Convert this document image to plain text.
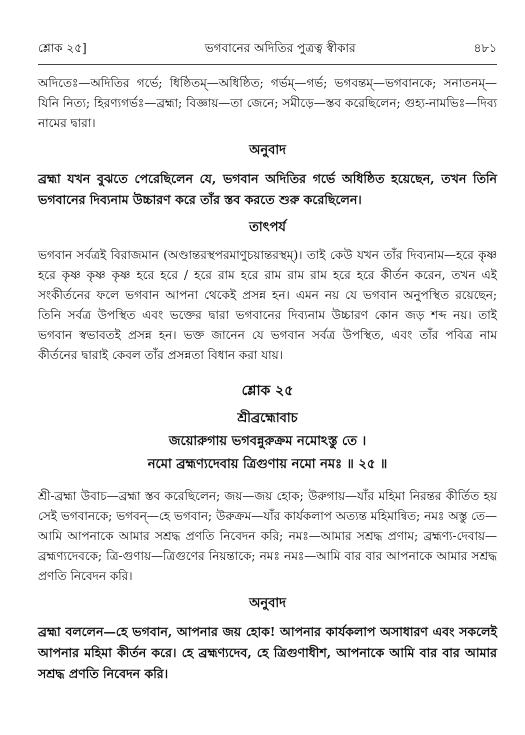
শ্লোক ২৫]	ভগবানের অদিতির পুত্রত্ব স্বীকার	৪৮১

অদিতেঃ—অদিতির গর্ভে; ধিষ্ঠিতম্—অধিষ্ঠিত; গর্ভম্—গর্ভ; ভগবন্তম্—ভগবানকে; সনাতনম্—যিনি নিত্য; হিরণ্যগর্ভঃ—ব্রহ্মা; বিজ্ঞায়—তা জেনে; সমীড়ে—স্তব করেছিলেন; গুহ্য-নামভিঃ—দিব্য নামের দ্বারা।

অনুবাদ

ব্রহ্মা যখন বুঝতে পেরেছিলেন যে, ভগবান অদিতির গর্ভে অধিষ্ঠিত হয়েছেন, তখন তিনি ভগবানের দিব্যনাম উচ্চারণ করে তাঁর স্তব করতে শুরু করেছিলেন।

তাৎপর্য

ভগবান সর্বত্রই বিরাজমান (অণ্ডান্তরস্থপরমাণুচয়ান্তরস্থম্)। তাই কেউ যখন তাঁর দিব্যনাম—হরে কৃষ্ণ হরে কৃষ্ণ কৃষ্ণ কৃষ্ণ হরে হরে / হরে রাম হরে রাম রাম রাম হরে হরে কীর্তন করেন, তখন এই সংকীর্তনের ফলে ভগবান আপনা থেকেই প্রসন্ন হন। এমন নয় যে ভগবান অনুপস্থিত রয়েছেন; তিনি সর্বত্র উপস্থিত এবং ভক্তের দ্বারা ভগবানের দিব্যনাম উচ্চারণ কোন জড় শব্দ নয়। তাই ভগবান স্বভাবতই প্রসন্ন হন। ভক্ত জানেন যে ভগবান সর্বত্র উপস্থিত, এবং তাঁর পবিত্র নাম কীর্তনের দ্বারাই কেবল তাঁর প্রসন্নতা বিধান করা যায়।

শ্লোক ২৫
শ্রীব্রহ্মোবাচ
জয়োরুগায় ভগবন্নুরুক্রম নমোঽস্তু তে ।
নমো ব্রহ্মণ্যদেবায় ত্রিগুণায় নমো নমঃ ॥ ২৫ ॥

শ্রী-ব্রহ্মা উবাচ—ব্রহ্মা স্তব করেছিলেন; জয়—জয় হোক; উরুগায়—যাঁর মহিমা নিরন্তর কীর্তিত হয় সেই ভগবানকে; ভগবন্—হে ভগবান; উরুক্রম—যাঁর কার্যকলাপ অত্যন্ত মহিমান্বিত; নমঃ অস্তু তে—আমি আপনাকে আমার সশ্রদ্ধ প্রণতি নিবেদন করি; নমঃ—আমার সশ্রদ্ধ প্রণাম; ব্রহ্মণ্য-দেবায়—ব্রহ্মণ্যদেবকে; ত্রি-গুণায়—ত্রিগুণের নিয়ন্তাকে; নমঃ নমঃ—আমি বার বার আপনাকে আমার সশ্রদ্ধ প্রণতি নিবেদন করি।

অনুবাদ

ব্রহ্মা বললেন—হে ভগবান, আপনার জয় হোক! আপনার কার্যকলাপ অসাধারণ এবং সকলেই আপনার মহিমা কীর্তন করে। হে ব্রহ্মণ্যদেব, হে ত্রিগুণাধীশ, আপনাকে আমি বার বার আমার সশ্রদ্ধ প্রণতি নিবেদন করি।
